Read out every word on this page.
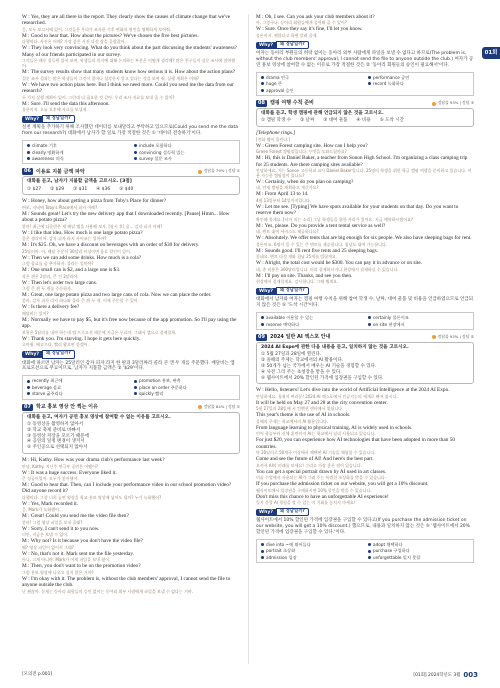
01회
W : Yes, they are all there in the report. They clearly show the causes of climate change that we've researched.
응, 모두 보고서에 있어. 그것들은 우리가 조사한 기후 변화의 원인을 명확하게 보여줘.
M : Good to hear that. How about the pictures? We've chosen the five best pictures.
다행이다. 사진은 어때? 가장 좋은 사진 다섯 장을 골랐잖아.
W : They look very convincing. What do you think about the part discussing the students' awareness? Many of our friends participated in our survey.
그것들은 매우 설득력 있어 보여. 학생들의 의식에 대해 논의하는 부분은 어떻게 생각해? 많은 친구들이 설문 조사에 참여했어.
M : The survey results show that many students know how serious it is. How about the action plans?
설문 조사 결과는 많은 학생들이 그것이 얼마나 심각한지 알고 있다는 것을 보여 줘. 실행 계획은 어때?
W : We have two action plans here. But I think we need more. Could you send me the data from our research?
두 가지 실행 계획이 있어. 그런데 더 필요한 것 같아. 우리 조사 자료를 보내 줄 수 있어?
M : Sure. I'll send the data this afternoon.
물론이지. 오늘 오후에 자료를 보낼게.
Why?	왜 정답일까?
실천 계획을 추가하기 위해 조사했던 데이터를 보내달라고 부탁하고 있으므로(Could you send me the data from our research?) 대화에서 남자가 할 일로 가장 적절한 것은 ① '데이터 전송하기'이다.
climate 기후	include 포함하다
clearly 명확하게	convincing 설득력 있는
awareness 의식	survey 설문 조사
06	이용료 지불 금액 파악	정답률 79% | 정답 ②
대화를 듣고, 남자가 지불할 금액을 고르시오. [3점]
① $27 ② $29 ③ $31 ④ $36 ⑤ $40
W : Honey, how about getting a pizza from Toby's Place for dinner?
여보, 저녁에 Toby's Place에서 피자 어때?
M : Sounds great! Let's try the new delivery app that I downloaded recently. [Pause] Hmm... How about a potato pizza?
좋아! 최근에 다운받은 새 배달 앱을 사용해 보자. [잠시 후] 음... 감자 피자 어때?
W : I like that idea. How much is one large potato pizza?
좋은 생각이야. 감자 피자 라지 사이즈는 얼마야?
M : It's $25. Oh, we have a discount on beverages with an order of $30 for delivery.
25달러야. 아, 배달 주문이 30달러 이상이면 음료 할인이 있어.
W : Then we can add some drinks. How much is a cola?
그럼 음료를 좀 추가하자. 콜라는 얼마야?
M : One small can is $2, and a large one is $3.
작은 캔은 2달러, 큰 건 3달러야.
W : Then let's order two large cans.
그럼 큰 캔 두 개를 주문하자.
M : Great, one large potato pizza and two large cans of cola. Now we can place the order.
좋아, 감자 피자 라지 하나와 콜라 큰 캔 두 개. 이제 주문할 수 있어.
W : Is there a delivery fee?
배달비는 있어?
M : Normally we have to pay $5, but it's free now because of the app promotion. So I'll pay using the app.
보통은 5달러를 내야 하는데 앱 프로모션 때문에 지금은 무료야. 그래서 앱으로 결제할게.
W : Thank you. I'm starving. I hope it gets here quickly.
고마워. 배고프다. 빨리 왔으면 좋겠어.
Why?	왜 정답일까?
대화에 따르면 남자는 25달러인 감자 피자 라지 한 판과 3달러짜리 콜라 큰 캔 두 개를 주문했다. 배달비는 앱 프로모션으로 무료이므로, 남자가 지불할 금액은 ② '$29'이다.
recently 최근에	promotion 홍보, 판촉
beverage 음료	place an order 주문하다
starve 굶주리다	quickly 빨리
07	학교 홍보 영상 안 찍는 이유	정답률 84% | 정답 ②
대화를 듣고, 여자가 공연 홍보 영상에 참여할 수 없는 이유를 고르시오.
① 동영상을 촬영하지 않아서
② 학교 축제 준비로 바빠서
③ 동영상 저장을 모르기 때문에
④ 공연의 일정 변경이 생겨서
⑤ 주인공으로 선택되지 않아서
M : Hi, Kathy. How was your drama club's performance last week?
안녕, Kathy. 지난주 연극부 공연은 어땠어?
W : It was a huge success. Everyone liked it.
큰 성공이었어. 모두가 좋아했어.
M : Good to hear that. Then, can I include your performance video in our school promotion video? Did anyone record it?
다행이다. 그럼 너희 공연 영상을 학교 홍보 영상에 넣어도 될까? 누가 녹화했어?
W : Yes, Mark recorded it.
응, Mark가 녹화했어.
M : Great! Could you send me the video file then?
좋아! 그럼 영상 파일을 보내 줄래?
W : Sorry, I can't send it to you now.
미안, 지금은 보낼 수 없어.
M : Why not? Is it because you don't have the video file?
왜? 영상 파일이 없어서 그래?
W : No, that's not it. Mark sent me the file yesterday.
아니, 그게 아니야. Mark가 어제 파일을 보내 줬어.
M : Then, you don't want to be on the promotion video?
그럼 홍보 영상에 나오고 싶지 않은 거야?
W : I'm okay with it. The problem is, without the club members' approval, I cannot send the file to anyone outside the club.
난 괜찮아. 문제는 동아리 회원들의 승인 없이는 동아리 외부 사람에게 파일을 보낼 수 없다는 거야.
M : Oh, I see. Can you ask your club members about it?
아, 그렇구나. 동아리 회원들에게 물어봐 줄 수 있어?
W : Sure. Once they say it's fine, I'll let you know.
물론이지. 괜찮다고 하면 알려 줄게.
Why?	왜 정답일까?
여자는 동아리 부원들의 허락 없이는 동아리 외부 사람에게 파일을 보낼 수 없다고 하므로(The problem is, without the club members' approval, I cannot send the file to anyone outside the club.) 여자가 공연 홍보 영상에 참여할 수 없는 이유로 가장 적절한 것은 ② '동아리 회원들의 승인이 필요해서'이다.
drama 연극	performance 공연
huge 큰	record 녹화하다
approval 승인
08	캠핑 여행 수칙 준비	정답률 93% | 정답 ③
대화를 듣고, 학생 캠핑에 관해 언급되지 않은 것을 고르시오.
① 캠핑 학생 수 ② 날짜 ③ 대여 물품 ④ 비용 ⑤ 도착 시간
[Telephone rings.]
[전화 벨이 울린다.]
W : Green Forest camping site. How can I help you?
Green Forest 캠핑장입니다. 무엇을 도와드릴까요?
M : Hi, this is Daniel Baker, a teacher from Sonon High School. I'm organizing a class camping trip for 25 students. Are there camping sites available?
안녕하세요, 저는 Sonon 고등학교 교사 Daniel Baker입니다. 25명의 학생을 위한 학급 캠핑 여행을 준비하고 있습니다. 이용 가능한 캠핑장이 있나요?
W : Certainly, when do you plan on camping?
네, 언제 캠핑을 계획하고 계신가요?
M : From April 13 to 14.
4월 13일부터 14일까지입니다.
W : Let me see. [Typing] We have spots available for your students on that day. Do you want to reserve them now?
확인해 볼게요. [타자 치는 소리] 그날 학생들을 위한 자리가 있어요. 지금 예약하시겠어요?
M : Yes, please. Do you provide a tent rental service as well?
네. 텐트 대여 서비스도 제공하나요?
W : Absolutely. We offer tents that are big enough for six people. We also have sleeping bags for rent.
물론이죠. 6명이 쓸 수 있는 큰 텐트를 제공합니다. 침낭도 대여 가능합니다.
M : Sounds good. I'll rent five tents and 25 sleeping bags.
좋네요. 텐트 다섯 개와 침낭 25개를 빌릴게요.
W : Alright, the total cost would be $300. You can pay it in advance or on site.
네, 총 비용은 300달러입니다. 미리 결제하시거나 현장에서 결제하실 수 있습니다.
M : I'll pay on site. Thanks, and see you then.
현장에서 결제할게요. 감사합니다. 그때 뵐게요.
Why?	왜 정답일까?
대화에서 남자와 여자는 캠핑 여행 수칙을 위해 참여 학생 수, 날짜, 대여 물품 및 비용을 언급하였으므로 언급되지 않은 것은 ⑤ '도착 시간'이다.
available 이용할 수 있는	certainly 물론이죠
reserve 예약하다	on site 현장에서
09	2024 일반 AI 엑스포 안내	정답률 93% | 정답 ⑤
2024 AI Expo에 관한 다음 내용을 듣고, 일치하지 않는 것을 고르시오.
① 5월 27일과 28일에 열린다.
② 올해의 주제는 학교에서의 AI 활용이다.
③ 50개가 넘는 국가에서 배우는 AI 기술을 경험할 수 있다.
④ 사전 그리 주는 초청장을 받을 수 있다.
⑤ 웹사이트에서 20% 할인된 가격에 입장권을 구입할 수 있다.
W : Hello, listeners! Let's dive into the world of Artificial Intelligence at the 2024 AI Expo.
안녕하세요, 청취자 여러분! 2024 AI 엑스포에서 인공지능의 세계로 빠져 봅시다.
It will be held on May 27 and 28 at the city convention center.
5월 27일과 28일에 시 컨벤션 센터에서 열립니다.
This year's theme is the use of AI in schools.
올해의 주제는 학교에서의 AI 활용입니다.
From language learning to physical training, AI is widely used in schools.
언어 학습부터 신체 훈련까지 AI는 학교에서 널리 사용되고 있습니다.
For just $20, you can experience how AI technologies that have been adopted in more than 50 countries.
단 20달러로 50개국 이상에서 채택된 AI 기술을 체험할 수 있습니다.
Come and see the future of AI! And here's the best part.
오셔서 AI의 미래를 보세요! 그리고 가장 좋은 점이 있습니다.
You can get a special portrait drawn by AI used in art classes.
미술 수업에서 사용되는 AI가 그려 주는 특별한 초상화를 받을 수 있습니다.
If you purchase the admission ticket on our website, you will get a 10% discount.
웹사이트에서 입장권을 구매하시면 10% 할인을 받을 수 있습니다.
Don't miss this chance to have an unforgettable AI experience!
잊지 못할 AI 경험을 할 수 있는 이 기회를 놓치지 마세요!
Why?	왜 정답일까?
웹사이트에서 10% 할인된 가격에 입장권을 구입할 수 있다고(If you purchase the admission ticket on our website, you will get a 10% discount.) 했으므로, 내용과 일치하지 않는 것은 ⑤ '웹사이트에서 20% 할인된 가격에 입장권을 구입할 수 있다.'이다.
dive into ~에 뛰어들다	adopt 채택하다
portrait 초상화	purchase 구입하다
admission 입장	unforgettable 잊지 못할
[모의전 p.001]	[01회] 2024학년도 3월 003
